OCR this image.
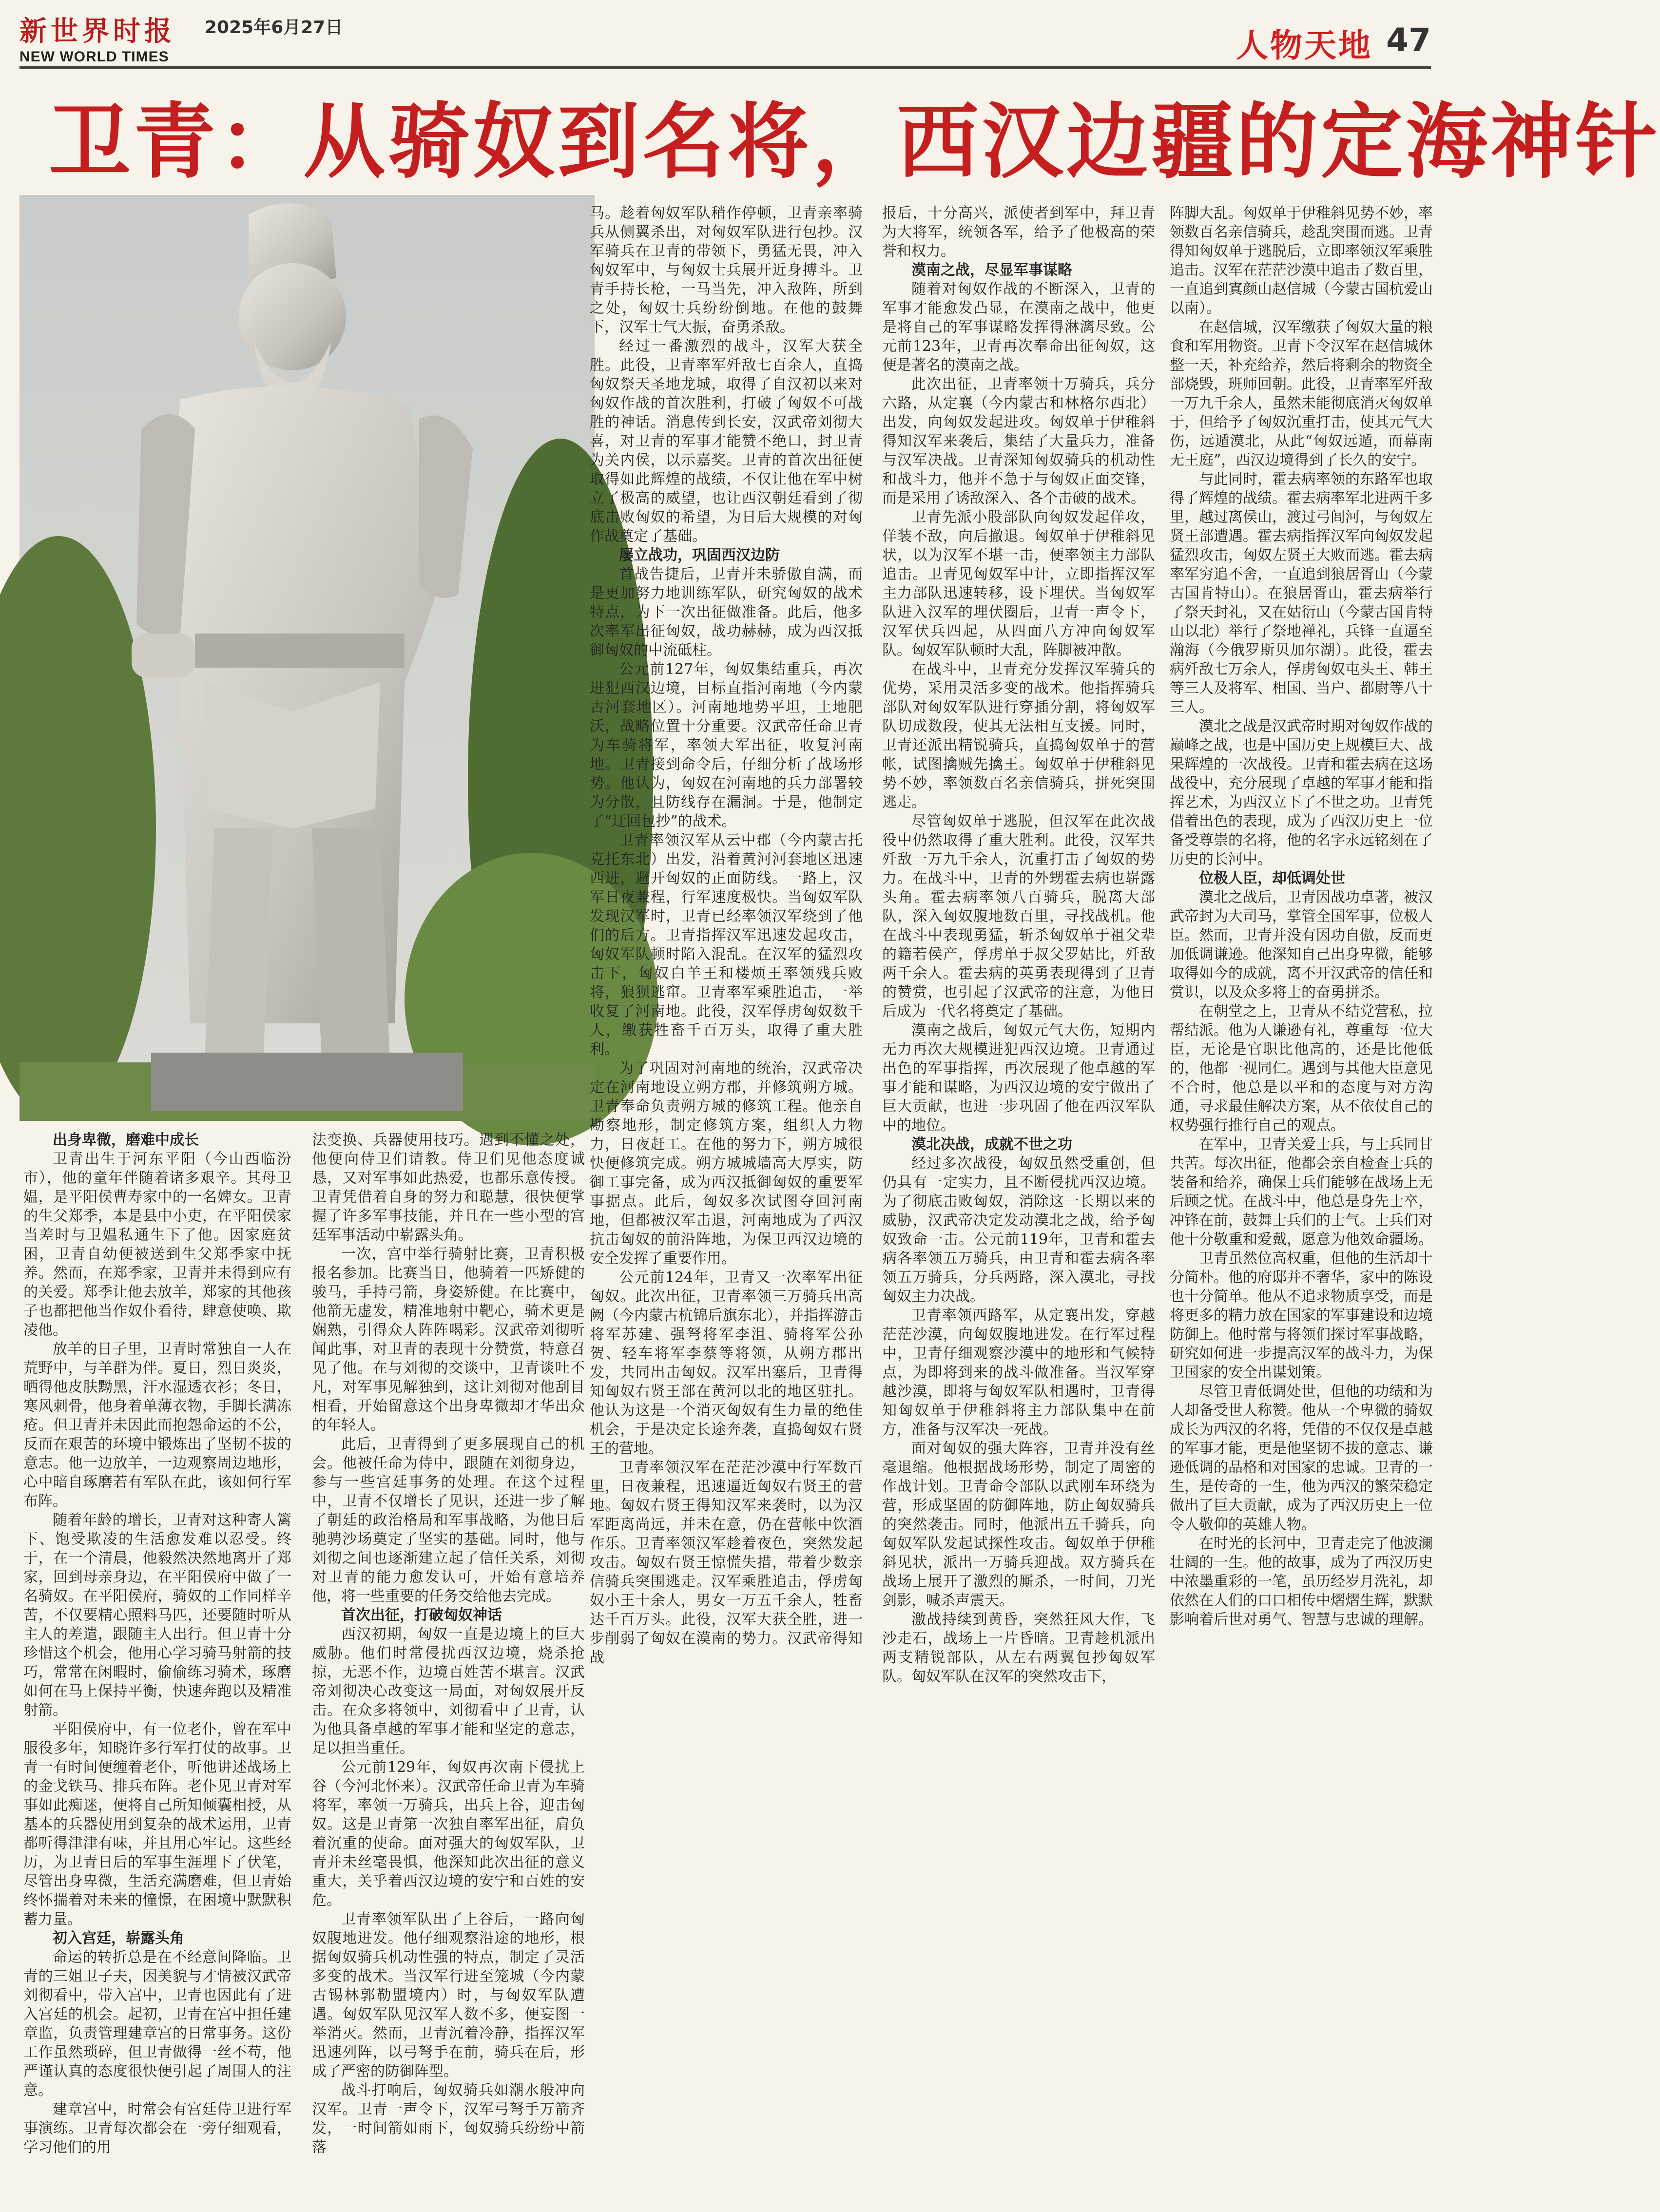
新世界时报 2025年6月27日
NEW WORLD TIMES	人物天地 47
卫青：从骑奴到名将，西汉边疆的定海神针

出身卑微，磨难中成长

卫青出生于河东平阳（今山西临汾市），他的童年伴随着诸多艰辛。其母卫媪，是平阳侯曹寿家中的一名婢女。卫青的生父郑季，本是县中小吏，在平阳侯家当差时与卫媪私通生下了他。因家庭贫困，卫青自幼便被送到生父郑季家中抚养。然而，在郑季家，卫青并未得到应有的关爱。郑季让他去放羊，郑家的其他孩子也都把他当作奴仆看待，肆意使唤、欺凌他。

放羊的日子里，卫青时常独自一人在荒野中，与羊群为伴。夏日，烈日炎炎，晒得他皮肤黝黑，汗水湿透衣衫；冬日，寒风刺骨，他身着单薄衣物，手脚长满冻疮。但卫青并未因此而抱怨命运的不公，反而在艰苦的环境中锻炼出了坚韧不拔的意志。他一边放羊，一边观察周边地形，心中暗自琢磨若有军队在此，该如何行军布阵。

随着年龄的增长，卫青对这种寄人篱下、饱受欺凌的生活愈发难以忍受。终于，在一个清晨，他毅然决然地离开了郑家，回到母亲身边，在平阳侯府中做了一名骑奴。在平阳侯府，骑奴的工作同样辛苦，不仅要精心照料马匹，还要随时听从主人的差遣，跟随主人出行。但卫青十分珍惜这个机会，他用心学习骑马射箭的技巧，常常在闲暇时，偷偷练习骑术，琢磨如何在马上保持平衡，快速奔跑以及精准射箭。

平阳侯府中，有一位老仆，曾在军中服役多年，知晓许多行军打仗的故事。卫青一有时间便缠着老仆，听他讲述战场上的金戈铁马、排兵布阵。老仆见卫青对军事如此痴迷，便将自己所知倾囊相授，从基本的兵器使用到复杂的战术运用，卫青都听得津津有味，并且用心牢记。这些经历，为卫青日后的军事生涯埋下了伏笔，尽管出身卑微，生活充满磨难，但卫青始终怀揣着对未来的憧憬，在困境中默默积蓄力量。

初入宫廷，崭露头角

命运的转折总是在不经意间降临。卫青的三姐卫子夫，因美貌与才情被汉武帝刘彻看中，带入宫中，卫青也因此有了进入宫廷的机会。起初，卫青在宫中担任建章监，负责管理建章宫的日常事务。这份工作虽然琐碎，但卫青做得一丝不苟，他严谨认真的态度很快便引起了周围人的注意。

建章宫中，时常会有宫廷侍卫进行军事演练。卫青每次都会在一旁仔细观看，学习他们的用

法变换、兵器使用技巧。遇到不懂之处，他便向侍卫们请教。侍卫们见他态度诚恳，又对军事如此热爱，也都乐意传授。卫青凭借着自身的努力和聪慧，很快便掌握了许多军事技能，并且在一些小型的宫廷军事活动中崭露头角。

一次，宫中举行骑射比赛，卫青积极报名参加。比赛当日，他骑着一匹矫健的骏马，手持弓箭，身姿矫健。在比赛中，他箭无虚发，精准地射中靶心，骑术更是娴熟，引得众人阵阵喝彩。汉武帝刘彻听闻此事，对卫青的表现十分赞赏，特意召见了他。在与刘彻的交谈中，卫青谈吐不凡，对军事见解独到，这让刘彻对他刮目相看，开始留意这个出身卑微却才华出众的年轻人。

此后，卫青得到了更多展现自己的机会。他被任命为侍中，跟随在刘彻身边，参与一些宫廷事务的处理。在这个过程中，卫青不仅增长了见识，还进一步了解了朝廷的政治格局和军事战略，为他日后驰骋沙场奠定了坚实的基础。同时，他与刘彻之间也逐渐建立起了信任关系，刘彻对卫青的能力愈发认可，开始有意培养他，将一些重要的任务交给他去完成。

首次出征，打破匈奴神话

西汉初期，匈奴一直是边境上的巨大威胁。他们时常侵扰西汉边境，烧杀抢掠，无恶不作，边境百姓苦不堪言。汉武帝刘彻决心改变这一局面，对匈奴展开反击。在众多将领中，刘彻看中了卫青，认为他具备卓越的军事才能和坚定的意志，足以担当重任。

公元前129年，匈奴再次南下侵扰上谷（今河北怀来）。汉武帝任命卫青为车骑将军，率领一万骑兵，出兵上谷，迎击匈奴。这是卫青第一次独自率军出征，肩负着沉重的使命。面对强大的匈奴军队，卫青并未丝毫畏惧，他深知此次出征的意义重大，关乎着西汉边境的安宁和百姓的安危。

卫青率领军队出了上谷后，一路向匈奴腹地进发。他仔细观察沿途的地形，根据匈奴骑兵机动性强的特点，制定了灵活多变的战术。当汉军行进至笼城（今内蒙古锡林郭勒盟境内）时，与匈奴军队遭遇。匈奴军队见汉军人数不多，便妄图一举消灭。然而，卫青沉着冷静，指挥汉军迅速列阵，以弓弩手在前，骑兵在后，形成了严密的防御阵型。

战斗打响后，匈奴骑兵如潮水般冲向汉军。卫青一声令下，汉军弓弩手万箭齐发，一时间箭如雨下，匈奴骑兵纷纷中箭落

马。趁着匈奴军队稍作停顿，卫青亲率骑兵从侧翼杀出，对匈奴军队进行包抄。汉军骑兵在卫青的带领下，勇猛无畏，冲入匈奴军中，与匈奴士兵展开近身搏斗。卫青手持长枪，一马当先，冲入敌阵，所到之处，匈奴士兵纷纷倒地。在他的鼓舞下，汉军士气大振，奋勇杀敌。

经过一番激烈的战斗，汉军大获全胜。此役，卫青率军歼敌七百余人，直捣匈奴祭天圣地龙城，取得了自汉初以来对匈奴作战的首次胜利，打破了匈奴不可战胜的神话。消息传到长安，汉武帝刘彻大喜，对卫青的军事才能赞不绝口，封卫青为关内侯，以示嘉奖。卫青的首次出征便取得如此辉煌的战绩，不仅让他在军中树立了极高的威望，也让西汉朝廷看到了彻底击败匈奴的希望，为日后大规模的对匈作战奠定了基础。

屡立战功，巩固西汉边防

首战告捷后，卫青并未骄傲自满，而是更加努力地训练军队，研究匈奴的战术特点，为下一次出征做准备。此后，他多次率军出征匈奴，战功赫赫，成为西汉抵御匈奴的中流砥柱。

公元前127年，匈奴集结重兵，再次进犯西汉边境，目标直指河南地（今内蒙古河套地区）。河南地地势平坦，土地肥沃，战略位置十分重要。汉武帝任命卫青为车骑将军，率领大军出征，收复河南地。卫青接到命令后，仔细分析了战场形势。他认为，匈奴在河南地的兵力部署较为分散，且防线存在漏洞。于是，他制定了“迂回包抄”的战术。

卫青率领汉军从云中郡（今内蒙古托克托东北）出发，沿着黄河河套地区迅速西进，避开匈奴的正面防线。一路上，汉军日夜兼程，行军速度极快。当匈奴军队发现汉军时，卫青已经率领汉军绕到了他们的后方。卫青指挥汉军迅速发起攻击，匈奴军队顿时陷入混乱。在汉军的猛烈攻击下，匈奴白羊王和楼烦王率领残兵败将，狼狈逃窜。卫青率军乘胜追击，一举收复了河南地。此役，汉军俘虏匈奴数千人，缴获牲畜千百万头，取得了重大胜利。

为了巩固对河南地的统治，汉武帝决定在河南地设立朔方郡，并修筑朔方城。卫青奉命负责朔方城的修筑工程。他亲自勘察地形，制定修筑方案，组织人力物力，日夜赶工。在他的努力下，朔方城很快便修筑完成。朔方城城墙高大厚实，防御工事完备，成为西汉抵御匈奴的重要军事据点。此后，匈奴多次试图夺回河南地，但都被汉军击退，河南地成为了西汉抗击匈奴的前沿阵地，为保卫西汉边境的安全发挥了重要作用。

公元前124年，卫青又一次率军出征匈奴。此次出征，卫青率领三万骑兵出高阙（今内蒙古杭锦后旗东北），并指挥游击将军苏建、强弩将军李沮、骑将军公孙贺、轻车将军李蔡等将领，从朔方郡出发，共同出击匈奴。汉军出塞后，卫青得知匈奴右贤王部在黄河以北的地区驻扎。他认为这是一个消灭匈奴有生力量的绝佳机会，于是决定长途奔袭，直捣匈奴右贤王的营地。

卫青率领汉军在茫茫沙漠中行军数百里，日夜兼程，迅速逼近匈奴右贤王的营地。匈奴右贤王得知汉军来袭时，以为汉军距离尚远，并未在意，仍在营帐中饮酒作乐。卫青率领汉军趁着夜色，突然发起攻击。匈奴右贤王惊慌失措，带着少数亲信骑兵突围逃走。汉军乘胜追击，俘虏匈奴小王十余人，男女一万五千余人，牲畜达千百万头。此役，汉军大获全胜，进一步削弱了匈奴在漠南的势力。汉武帝得知战

报后，十分高兴，派使者到军中，拜卫青为大将军，统领各军，给予了他极高的荣誉和权力。

漠南之战，尽显军事谋略

随着对匈奴作战的不断深入，卫青的军事才能愈发凸显，在漠南之战中，他更是将自己的军事谋略发挥得淋漓尽致。公元前123年，卫青再次奉命出征匈奴，这便是著名的漠南之战。

此次出征，卫青率领十万骑兵，兵分六路，从定襄（今内蒙古和林格尔西北）出发，向匈奴发起进攻。匈奴单于伊稚斜得知汉军来袭后，集结了大量兵力，准备与汉军决战。卫青深知匈奴骑兵的机动性和战斗力，他并不急于与匈奴正面交锋，而是采用了诱敌深入、各个击破的战术。

卫青先派小股部队向匈奴发起佯攻，佯装不敌，向后撤退。匈奴单于伊稚斜见状，以为汉军不堪一击，便率领主力部队追击。卫青见匈奴军中计，立即指挥汉军主力部队迅速转移，设下埋伏。当匈奴军队进入汉军的埋伏圈后，卫青一声令下，汉军伏兵四起，从四面八方冲向匈奴军队。匈奴军队顿时大乱，阵脚被冲散。

在战斗中，卫青充分发挥汉军骑兵的优势，采用灵活多变的战术。他指挥骑兵部队对匈奴军队进行穿插分割，将匈奴军队切成数段，使其无法相互支援。同时，卫青还派出精锐骑兵，直捣匈奴单于的营帐，试图擒贼先擒王。匈奴单于伊稚斜见势不妙，率领数百名亲信骑兵，拼死突围逃走。

尽管匈奴单于逃脱，但汉军在此次战役中仍然取得了重大胜利。此役，汉军共歼敌一万九千余人，沉重打击了匈奴的势力。在战斗中，卫青的外甥霍去病也崭露头角。霍去病率领八百骑兵，脱离大部队，深入匈奴腹地数百里，寻找战机。他在战斗中表现勇猛，斩杀匈奴单于祖父辈的籍若侯产，俘虏单于叔父罗姑比，歼敌两千余人。霍去病的英勇表现得到了卫青的赞赏，也引起了汉武帝的注意，为他日后成为一代名将奠定了基础。

漠南之战后，匈奴元气大伤，短期内无力再次大规模进犯西汉边境。卫青通过出色的军事指挥，再次展现了他卓越的军事才能和谋略，为西汉边境的安宁做出了巨大贡献，也进一步巩固了他在西汉军队中的地位。

漠北决战，成就不世之功

经过多次战役，匈奴虽然受重创，但仍具有一定实力，且不断侵扰西汉边境。为了彻底击败匈奴，消除这一长期以来的威胁，汉武帝决定发动漠北之战，给予匈奴致命一击。公元前119年，卫青和霍去病各率领五万骑兵，由卫青和霍去病各率领五万骑兵，分兵两路，深入漠北，寻找匈奴主力决战。

卫青率领西路军，从定襄出发，穿越茫茫沙漠，向匈奴腹地进发。在行军过程中，卫青仔细观察沙漠中的地形和气候特点，为即将到来的战斗做准备。当汉军穿越沙漠，即将与匈奴军队相遇时，卫青得知匈奴单于伊稚斜将主力部队集中在前方，准备与汉军决一死战。

面对匈奴的强大阵容，卫青并没有丝毫退缩。他根据战场形势，制定了周密的作战计划。卫青命令部队以武刚车环绕为营，形成坚固的防御阵地，防止匈奴骑兵的突然袭击。同时，他派出五千骑兵，向匈奴军队发起试探性攻击。匈奴单于伊稚斜见状，派出一万骑兵迎战。双方骑兵在战场上展开了激烈的厮杀，一时间，刀光剑影，喊杀声震天。

激战持续到黄昏，突然狂风大作，飞沙走石，战场上一片昏暗。卫青趁机派出两支精锐部队，从左右两翼包抄匈奴军队。匈奴军队在汉军的突然攻击下，

阵脚大乱。匈奴单于伊稚斜见势不妙，率领数百名亲信骑兵，趁乱突围而逃。卫青得知匈奴单于逃脱后，立即率领汉军乘胜追击。汉军在茫茫沙漠中追击了数百里，一直追到寘颜山赵信城（今蒙古国杭爱山以南）。

在赵信城，汉军缴获了匈奴大量的粮食和军用物资。卫青下令汉军在赵信城休整一天，补充给养，然后将剩余的物资全部烧毁，班师回朝。此役，卫青率军歼敌一万九千余人，虽然未能彻底消灭匈奴单于，但给予了匈奴沉重打击，使其元气大伤，远遁漠北，从此“匈奴远遁，而幕南无王庭”，西汉边境得到了长久的安宁。

与此同时，霍去病率领的东路军也取得了辉煌的战绩。霍去病率军北进两千多里，越过离侯山，渡过弓闾河，与匈奴左贤王部遭遇。霍去病指挥汉军向匈奴发起猛烈攻击，匈奴左贤王大败而逃。霍去病率军穷追不舍，一直追到狼居胥山（今蒙古国肯特山）。在狼居胥山，霍去病举行了祭天封礼，又在姑衍山（今蒙古国肯特山以北）举行了祭地禅礼，兵锋一直逼至瀚海（今俄罗斯贝加尔湖）。此役，霍去病歼敌七万余人，俘虏匈奴屯头王、韩王等三人及将军、相国、当户、都尉等八十三人。

漠北之战是汉武帝时期对匈奴作战的巅峰之战，也是中国历史上规模巨大、战果辉煌的一次战役。卫青和霍去病在这场战役中，充分展现了卓越的军事才能和指挥艺术，为西汉立下了不世之功。卫青凭借着出色的表现，成为了西汉历史上一位备受尊崇的名将，他的名字永远铭刻在了历史的长河中。

位极人臣，却低调处世

漠北之战后，卫青因战功卓著，被汉武帝封为大司马，掌管全国军事，位极人臣。然而，卫青并没有因功自傲，反而更加低调谦逊。他深知自己出身卑微，能够取得如今的成就，离不开汉武帝的信任和赏识，以及众多将士的奋勇拼杀。

在朝堂之上，卫青从不结党营私，拉帮结派。他为人谦逊有礼，尊重每一位大臣，无论是官职比他高的，还是比他低的，他都一视同仁。遇到与其他大臣意见不合时，他总是以平和的态度与对方沟通，寻求最佳解决方案，从不依仗自己的权势强行推行自己的观点。

在军中，卫青关爱士兵，与士兵同甘共苦。每次出征，他都会亲自检查士兵的装备和给养，确保士兵们能够在战场上无后顾之忧。在战斗中，他总是身先士卒，冲锋在前，鼓舞士兵们的士气。士兵们对他十分敬重和爱戴，愿意为他效命疆场。

卫青虽然位高权重，但他的生活却十分简朴。他的府邸并不奢华，家中的陈设也十分简单。他从不追求物质享受，而是将更多的精力放在国家的军事建设和边境防御上。他时常与将领们探讨军事战略，研究如何进一步提高汉军的战斗力，为保卫国家的安全出谋划策。

尽管卫青低调处世，但他的功绩和为人却备受世人称赞。他从一个卑微的骑奴成长为西汉的名将，凭借的不仅仅是卓越的军事才能，更是他坚韧不拔的意志、谦逊低调的品格和对国家的忠诚。卫青的一生，是传奇的一生，他为西汉的繁荣稳定做出了巨大贡献，成为了西汉历史上一位令人敬仰的英雄人物。

在时光的长河中，卫青走完了他波澜壮阔的一生。他的故事，成为了西汉历史中浓墨重彩的一笔，虽历经岁月洗礼，却依然在人们的口口相传中熠熠生辉，默默影响着后世对勇气、智慧与忠诚的理解。
